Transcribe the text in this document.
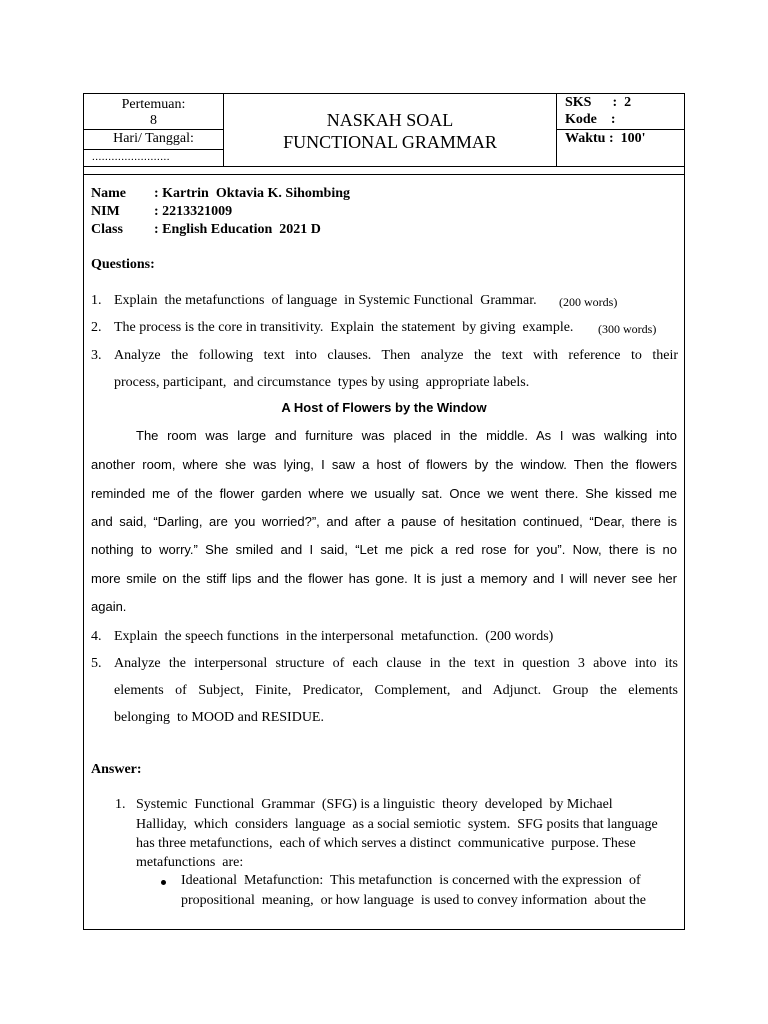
Pertemuan:
8
Hari/ Tanggal:
........................
NASKAH SOAL
FUNCTIONAL GRAMMAR
SKS      :  2
Kode    :
Waktu :  100'
Name : Kartrin  Oktavia K. Sihombing
NIM : 2213321009
Class : English Education  2021 D
Questions:
1. Explain  the metafunctions  of language  in Systemic Functional  Grammar. (200 words)
2. The process is the core in transitivity.  Explain  the statement  by giving  example. (300 words)
3. Analyze  the  following  text  into  clauses.  Then  analyze  the  text  with  reference  to  their
process, participant,  and circumstance  types by using  appropriate labels.
A Host of Flowers by the Window
The room was large and furniture was placed in the middle. As I was walking into
another room, where she was lying, I saw a host of flowers by the window. Then the flowers
reminded me of the flower garden where we usually sat. Once we went there. She kissed me
and said, “Darling, are you worried?”, and after a pause of hesitation continued, “Dear, there is
nothing to worry.” She smiled and I said, “Let me pick a red rose for you”. Now, there is no
more smile on the stiff lips and the flower has gone. It is just a memory and I will never see her
again.
4. Explain  the speech functions  in the interpersonal  metafunction.  (200 words)
5. Analyze  the  interpersonal  structure  of  each  clause  in  the  text  in  question  3  above  into  its
elements  of  Subject,  Finite,  Predicator,  Complement,  and  Adjunct.  Group  the  elements
belonging  to MOOD and RESIDUE.
Answer:
1. Systemic  Functional  Grammar  (SFG) is a linguistic  theory  developed  by Michael
Halliday,  which  considers  language  as a social semiotic  system.  SFG posits that language
has three metafunctions,  each of which serves a distinct  communicative  purpose. These
metafunctions  are:
Ideational  Metafunction:  This metafunction  is concerned with the expression  of
propositional  meaning,  or how language  is used to convey information  about the
